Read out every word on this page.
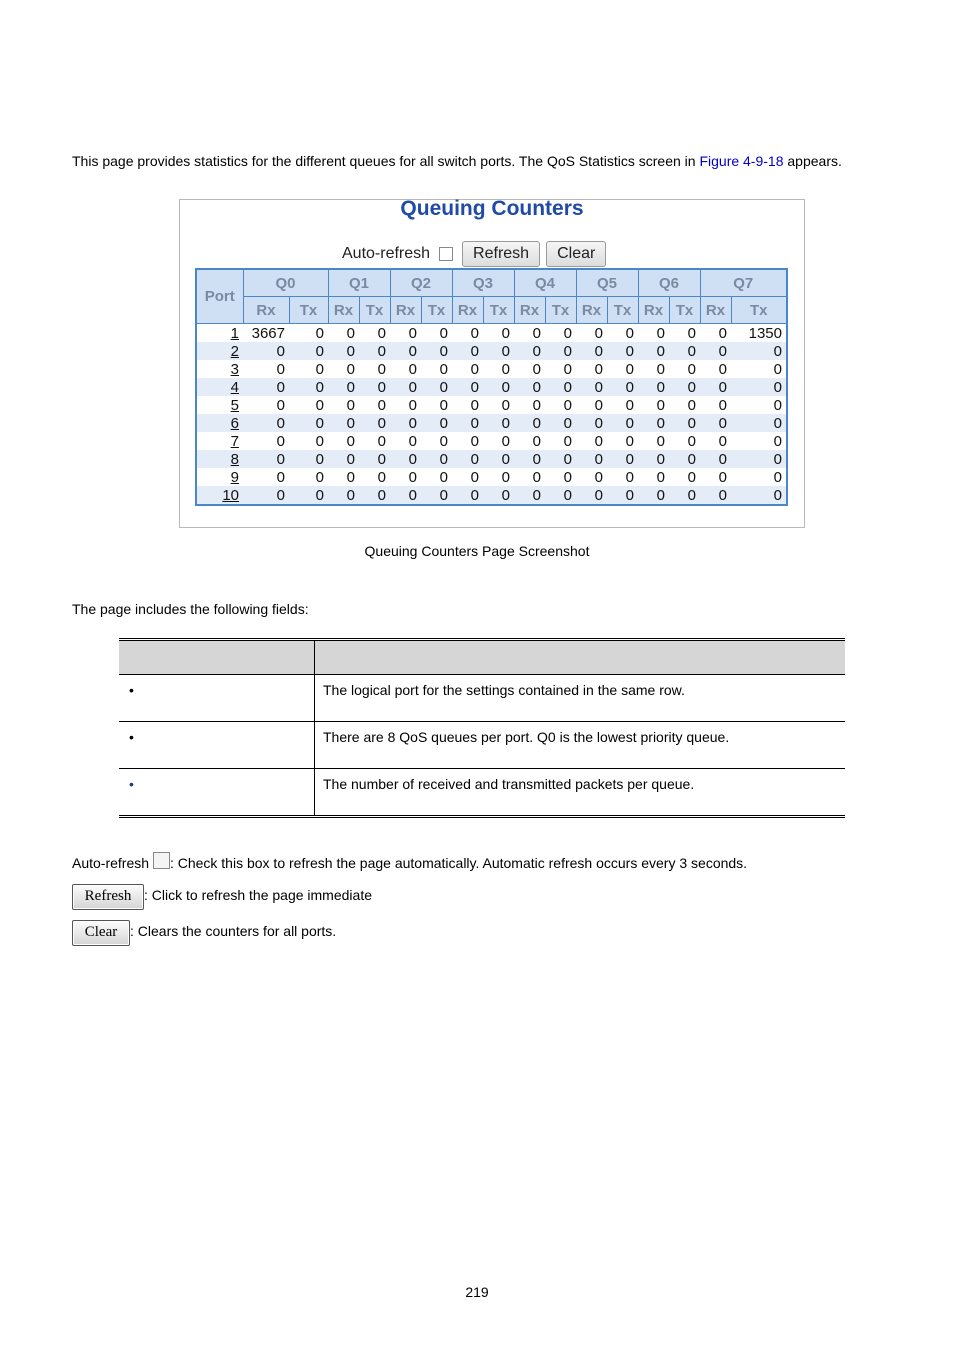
This page provides statistics for the different queues for all switch ports. The QoS Statistics screen in Figure 4-9-18 appears.
Queuing Counters
Auto-refresh	Refresh	Clear
Port	Q0		Q1		Q2		Q3		Q4		Q5		Q6		Q7	
	Rx	Tx	Rx	Tx	Rx	Tx	Rx	Tx	Rx	Tx	Rx	Tx	Rx	Tx	Rx	Tx
1	3667	0	0	0	0	0	0	0	0	0	0	0	0	0	0	1350
2	0	0	0	0	0	0	0	0	0	0	0	0	0	0	0	0
3	0	0	0	0	0	0	0	0	0	0	0	0	0	0	0	0
4	0	0	0	0	0	0	0	0	0	0	0	0	0	0	0	0
5	0	0	0	0	0	0	0	0	0	0	0	0	0	0	0	0
6	0	0	0	0	0	0	0	0	0	0	0	0	0	0	0	0
7	0	0	0	0	0	0	0	0	0	0	0	0	0	0	0	0
8	0	0	0	0	0	0	0	0	0	0	0	0	0	0	0	0
9	0	0	0	0	0	0	0	0	0	0	0	0	0	0	0	0
10	0	0	0	0	0	0	0	0	0	0	0	0	0	0	0	0
Queuing Counters Page Screenshot
The page includes the following fields:

•	The logical port for the settings contained in the same row.
•	There are 8 QoS queues per port. Q0 is the lowest priority queue.
•	The number of received and transmitted packets per queue.
Auto-refresh : Check this box to refresh the page automatically. Automatic refresh occurs every 3 seconds.
Refresh : Click to refresh the page immediate
Clear : Clears the counters for all ports.
219
